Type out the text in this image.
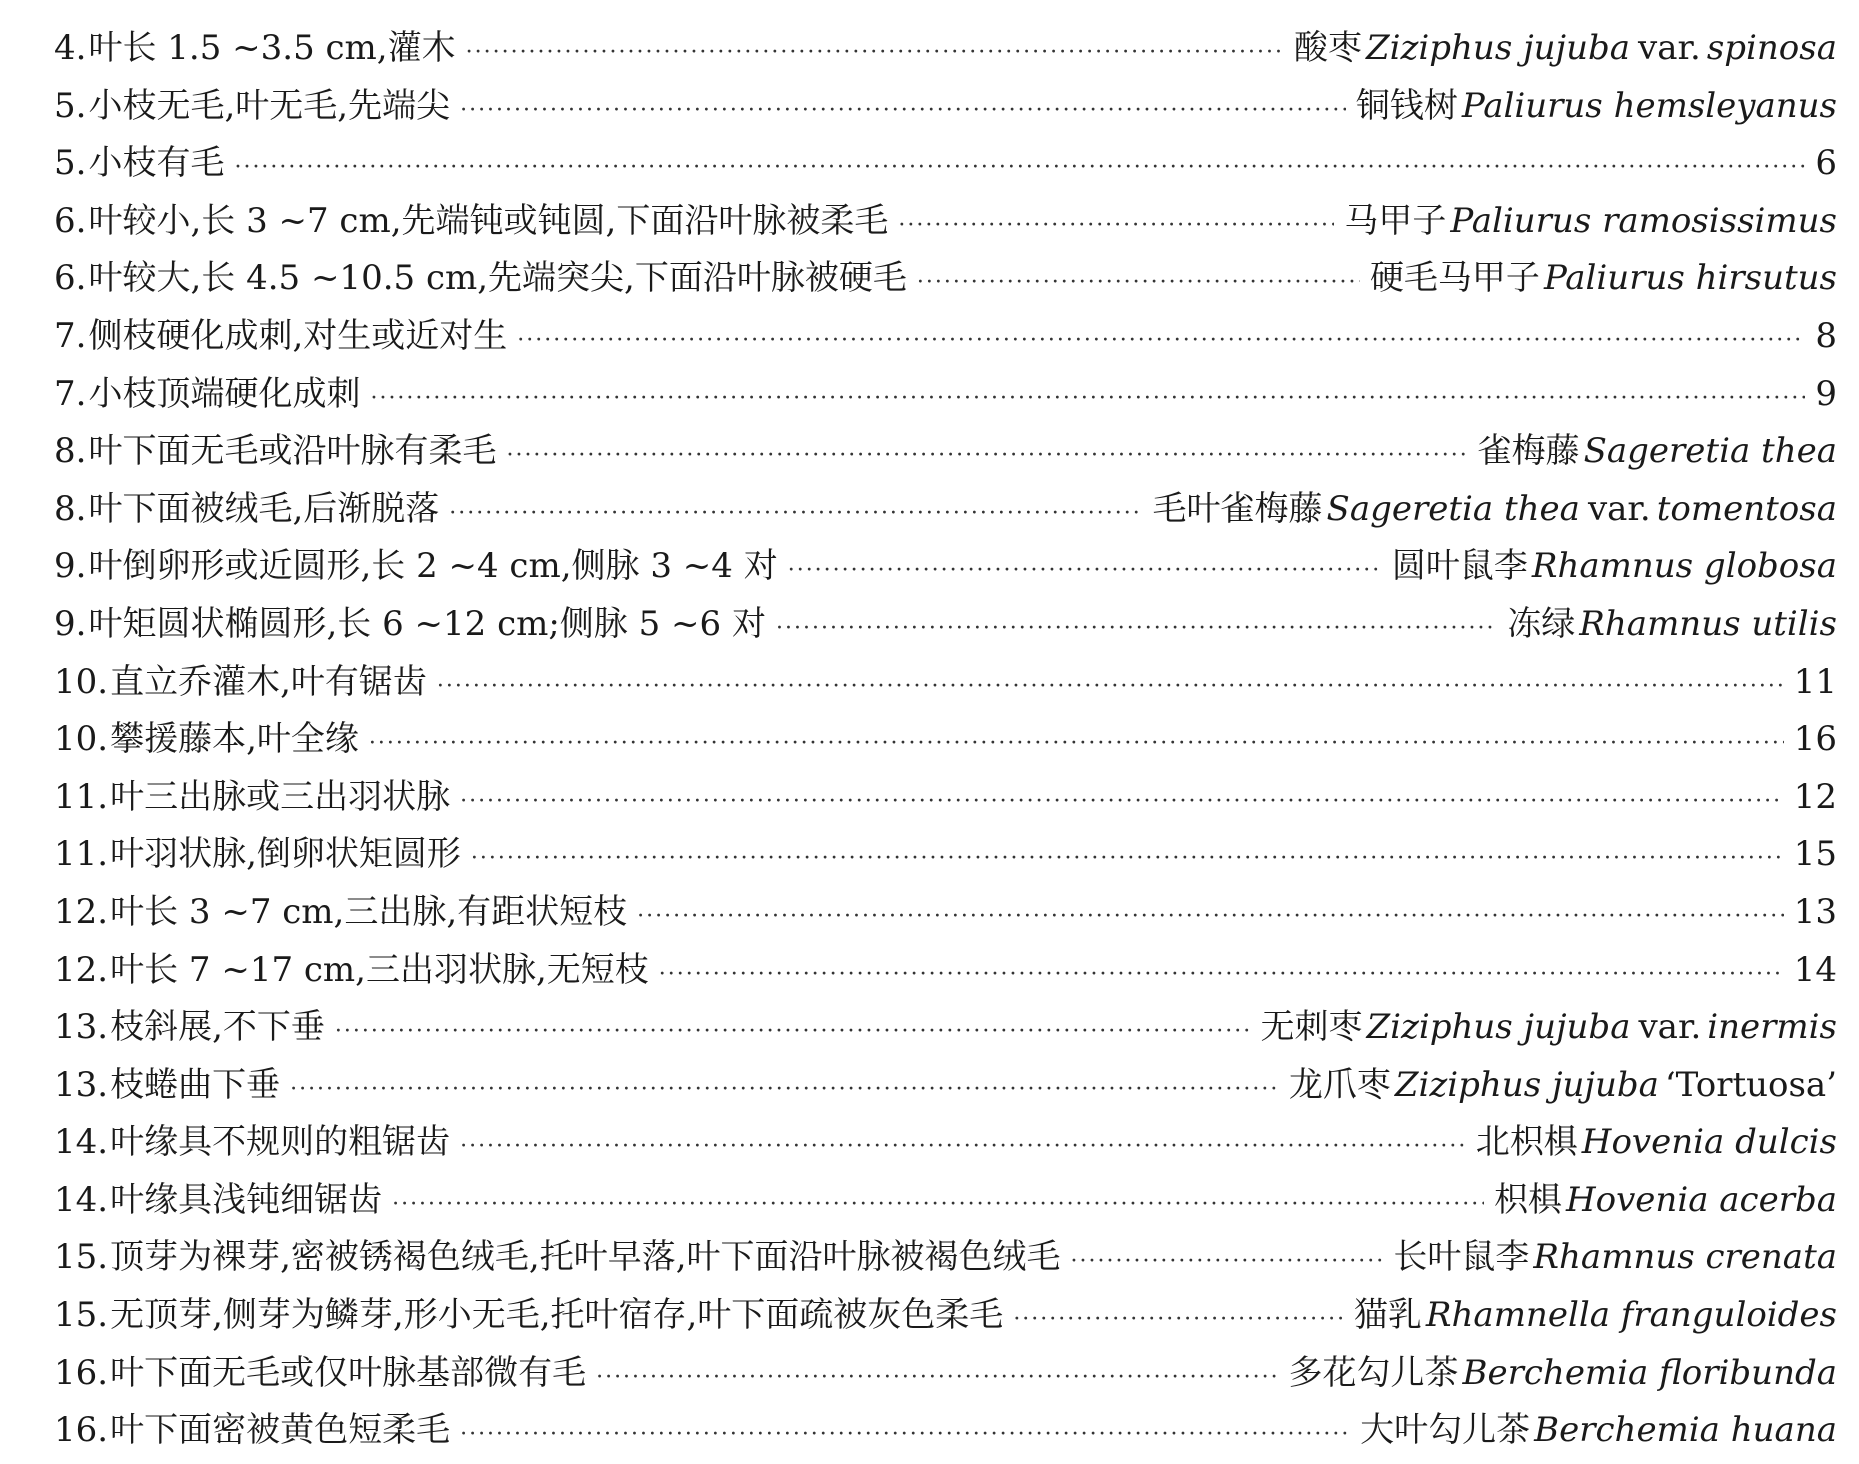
4. 叶长 1.5 ~3.5 cm,灌木 ·····	酸枣 Ziziphus jujuba var. spinosa
5. 小枝无毛,叶无毛,先端尖 ·····	铜钱树 Paliurus hemsleyanus
5. 小枝有毛 ·····	6
6. 叶较小,长 3 ~7 cm,先端钝或钝圆,下面沿叶脉被柔毛 ·····	马甲子 Paliurus ramosissimus
6. 叶较大,长 4.5 ~10.5 cm,先端突尖,下面沿叶脉被硬毛 ·····	硬毛马甲子 Paliurus hirsutus
7. 侧枝硬化成刺,对生或近对生 ·····	8
7. 小枝顶端硬化成刺 ·····	9
8. 叶下面无毛或沿叶脉有柔毛 ·····	雀梅藤 Sageretia thea
8. 叶下面被绒毛,后渐脱落 ·····	毛叶雀梅藤 Sageretia thea var. tomentosa
9. 叶倒卵形或近圆形,长 2 ~4 cm,侧脉 3 ~4 对 ·····	圆叶鼠李 Rhamnus globosa
9. 叶矩圆状椭圆形,长 6 ~12 cm;侧脉 5 ~6 对 ·····	冻绿 Rhamnus utilis
10. 直立乔灌木,叶有锯齿 ·····	11
10. 攀援藤本,叶全缘 ·····	16
11. 叶三出脉或三出羽状脉 ·····	12
11. 叶羽状脉,倒卵状矩圆形 ·····	15
12. 叶长 3 ~7 cm,三出脉,有距状短枝 ·····	13
12. 叶长 7 ~17 cm,三出羽状脉,无短枝 ·····	14
13. 枝斜展,不下垂 ·····	无刺枣 Ziziphus jujuba var. inermis
13. 枝蜷曲下垂 ·····	龙爪枣 Ziziphus jujuba ‘Tortuosa’
14. 叶缘具不规则的粗锯齿 ·····	北枳椇 Hovenia dulcis
14. 叶缘具浅钝细锯齿 ·····	枳椇 Hovenia acerba
15. 顶芽为裸芽,密被锈褐色绒毛,托叶早落,叶下面沿叶脉被褐色绒毛 ·····	长叶鼠李 Rhamnus crenata
15. 无顶芽,侧芽为鳞芽,形小无毛,托叶宿存,叶下面疏被灰色柔毛 ·····	猫乳 Rhamnella franguloides
16. 叶下面无毛或仅叶脉基部微有毛 ·····	多花勾儿茶 Berchemia floribunda
16. 叶下面密被黄色短柔毛 ·····	大叶勾儿茶 Berchemia huana
